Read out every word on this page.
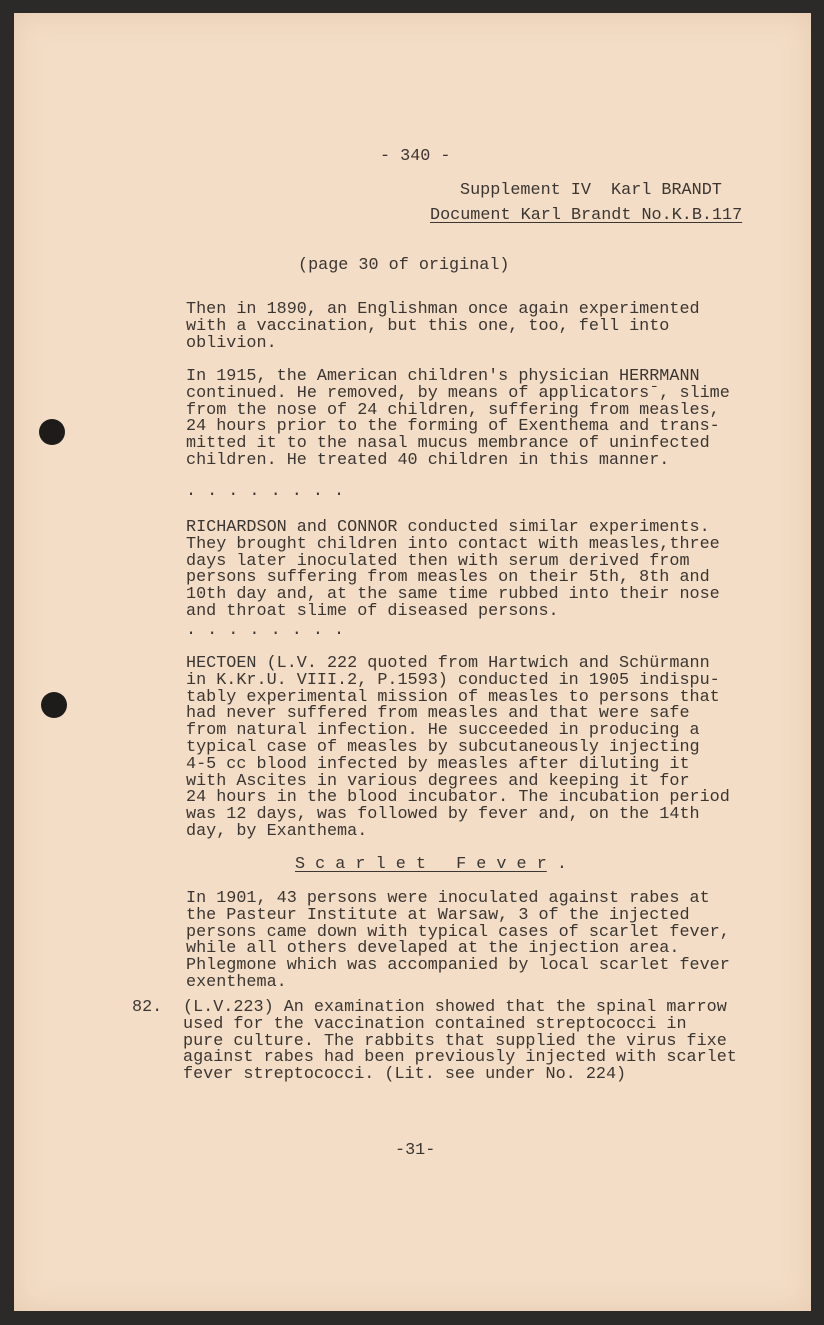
- 340 -
Supplement IV  Karl BRANDT
Document Karl Brandt No.K.B.117
(page 30 of original)
Then in 1890, an Englishman once again experimented
with a vaccination, but this one, too, fell into
oblivion.
In 1915, the American children's physician HERRMANN
continued. He removed, by means of applicatorsˉ, slime
from the nose of 24 children, suffering from measles,
24 hours prior to the forming of Exenthema and trans-
mitted it to the nasal mucus membrance of uninfected
children. He treated 40 children in this manner.
. . . . . . . .
RICHARDSON and CONNOR conducted similar experiments.
They brought children into contact with measles,three
days later inoculated then with serum derived from
persons suffering from measles on their 5th, 8th and
10th day and, at the same time rubbed into their nose
and throat slime of diseased persons.
. . . . . . . .
HECTOEN (L.V. 222 quoted from Hartwich and Schürmann
in K.Kr.U. VIII.2, P.1593) conducted in 1905 indispu-
tably experimental mission of measles to persons that
had never suffered from measles and that were safe
from natural infection. He succeeded in producing a
typical case of measles by subcutaneously injecting
4-5 cc blood infected by measles after diluting it
with Ascites in various degrees and keeping it for
24 hours in the blood incubator. The incubation period
was 12 days, was followed by fever and, on the 14th
day, by Exanthema.
S c a r l e t   F e v e r .
In 1901, 43 persons were inoculated against rabes at
the Pasteur Institute at Warsaw, 3 of the injected
persons came down with typical cases of scarlet fever,
while all others develaped at the injection area.
Phlegmone which was accompanied by local scarlet fever
exenthema.
82. (L.V.223) An examination showed that the spinal marrow
used for the vaccination contained streptococci in
pure culture. The rabbits that supplied the virus fixe
against rabes had been previously injected with scarlet
fever streptococci. (Lit. see under No. 224)
-31-
